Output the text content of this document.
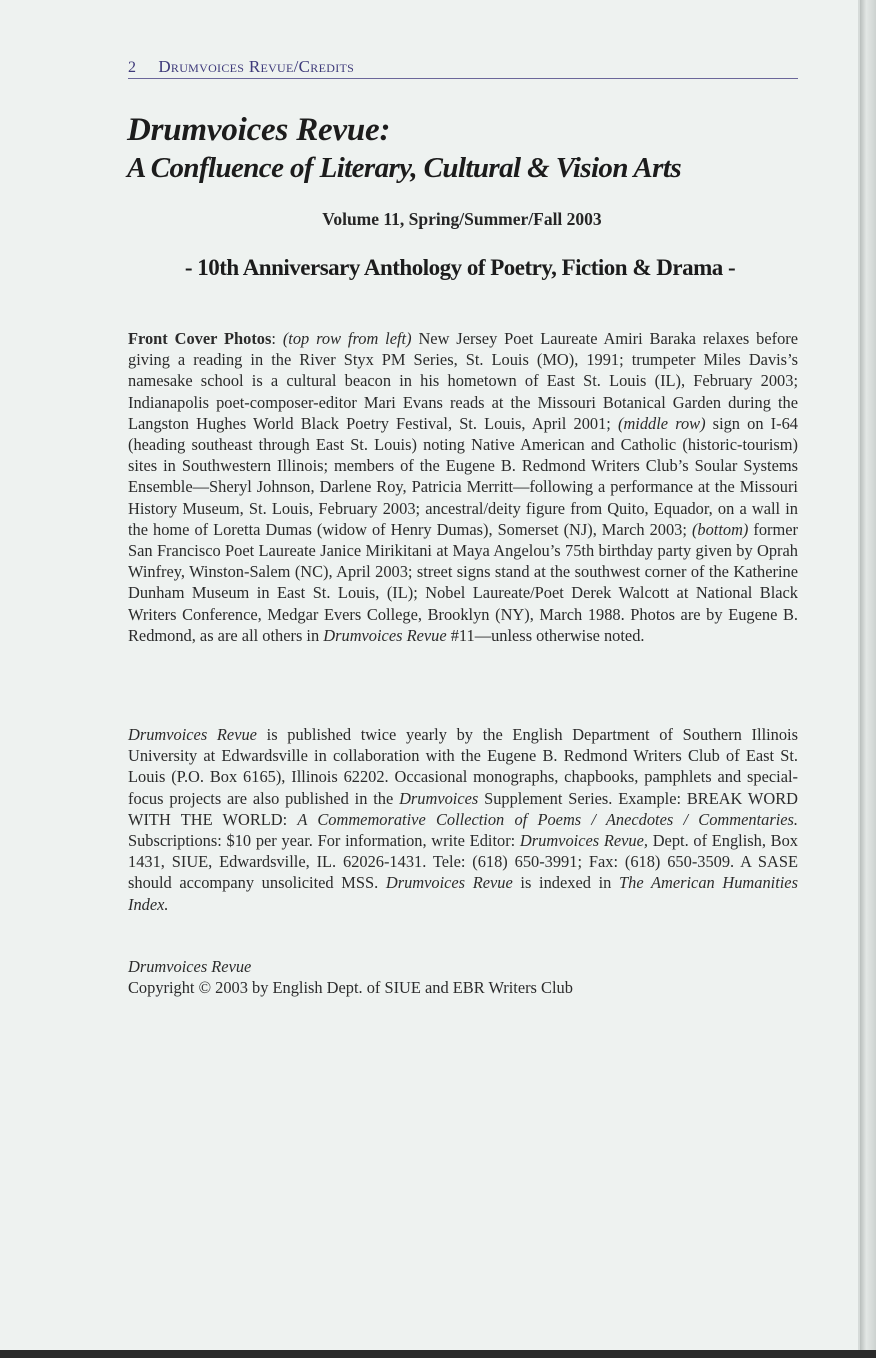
2 Drumvoices Revue/Credits
Drumvoices Revue:
A Confluence of Literary, Cultural & Vision Arts
Volume 11, Spring/Summer/Fall 2003
- 10th Anniversary Anthology of Poetry, Fiction & Drama -
Front Cover Photos: (top row from left) New Jersey Poet Laureate Amiri Baraka relaxes before giving a reading in the River Styx PM Series, St. Louis (MO), 1991; trumpeter Miles Davis’s namesake school is a cultural beacon in his hometown of East St. Louis (IL), February 2003; Indianapolis poet-composer-editor Mari Evans reads at the Missouri Botanical Garden during the Langston Hughes World Black Poetry Festival, St. Louis, April 2001; (middle row) sign on I-64 (heading southeast through East St. Louis) noting Native American and Catholic (historic-tourism) sites in Southwestern Illinois; members of the Eugene B. Redmond Writers Club’s Soular Systems Ensemble—Sheryl Johnson, Darlene Roy, Patricia Merritt—following a performance at the Missouri History Museum, St. Louis, February 2003; ancestral/deity figure from Quito, Equador, on a wall in the home of Loretta Dumas (widow of Henry Dumas), Somerset (NJ), March 2003; (bottom) former San Francisco Poet Laureate Janice Mirikitani at Maya Angelou’s 75th birthday party given by Oprah Winfrey, Winston-Salem (NC), April 2003; street signs stand at the southwest corner of the Katherine Dunham Museum in East St. Louis, (IL); Nobel Laureate/Poet Derek Walcott at National Black Writers Conference, Medgar Evers College, Brooklyn (NY), March 1988. Photos are by Eugene B. Redmond, as are all others in Drumvoices Revue #11—unless otherwise noted.
Drumvoices Revue is published twice yearly by the English Department of Southern Illinois University at Edwardsville in collaboration with the Eugene B. Redmond Writers Club of East St. Louis (P.O. Box 6165), Illinois 62202. Occasional monographs, chapbooks, pamphlets and special-focus projects are also published in the Drumvoices Supplement Series. Example: BREAK WORD WITH THE WORLD: A Commemorative Collection of Poems / Anecdotes / Commentaries. Subscriptions: $10 per year. For information, write Editor: Drumvoices Revue, Dept. of English, Box 1431, SIUE, Edwardsville, IL. 62026-1431. Tele: (618) 650-3991; Fax: (618) 650-3509. A SASE should accompany unsolicited MSS. Drumvoices Revue is indexed in The American Humanities Index.
Drumvoices Revue
Copyright © 2003 by English Dept. of SIUE and EBR Writers Club
